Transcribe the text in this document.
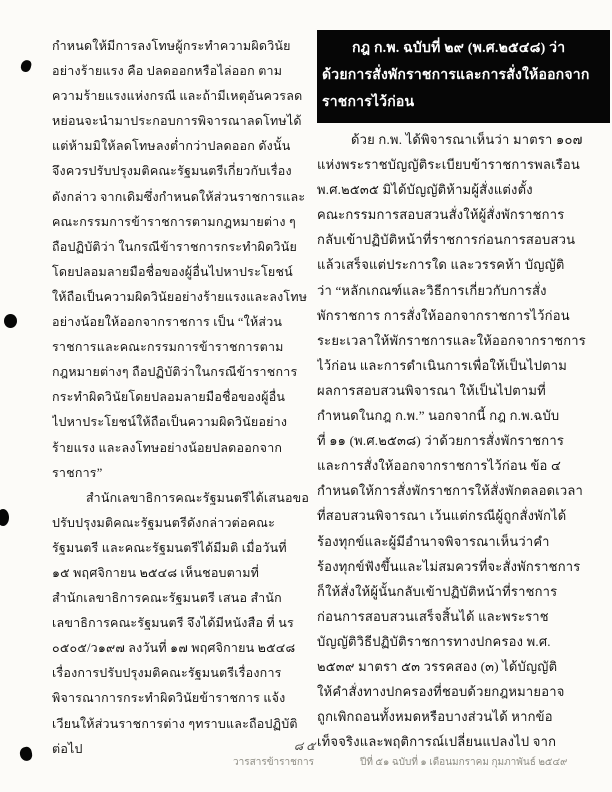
กำหนดให้มีการลงโทษผู้กระทำความผิดวินัย
อย่างร้ายแรง คือ ปลดออกหรือไล่ออก ตาม
ความร้ายแรงแห่งกรณี และถ้ามีเหตุอันควรลด
หย่อนจะนำมาประกอบการพิจารณาลดโทษได้
แต่ห้ามมิให้ลดโทษลงต่ำกว่าปลดออก ดังนั้น
จึงควรปรับปรุงมติคณะรัฐมนตรีเกี่ยวกับเรื่อง
ดังกล่าว จากเดิมซึ่งกำหนดให้ส่วนราชการและ
คณะกรรมการข้าราชการตามกฎหมายต่าง ๆ
ถือปฏิบัติว่า ในกรณีข้าราชการกระทำผิดวินัย
โดยปลอมลายมือชื่อของผู้อื่นไปหาประโยชน์
ให้ถือเป็นความผิดวินัยอย่างร้ายแรงและลงโทษ
อย่างน้อยให้ออกจากราชการ เป็น “ให้ส่วน
ราชการและคณะกรรมการข้าราชการตาม
กฎหมายต่างๆ ถือปฏิบัติว่าในกรณีข้าราชการ
กระทำผิดวินัยโดยปลอมลายมือชื่อของผู้อื่น
ไปหาประโยชน์ให้ถือเป็นความผิดวินัยอย่าง
ร้ายแรง และลงโทษอย่างน้อยปลดออกจาก
ราชการ”
สำนักเลขาธิการคณะรัฐมนตรีได้เสนอขอ
ปรับปรุงมติคณะรัฐมนตรีดังกล่าวต่อคณะ
รัฐมนตรี และคณะรัฐมนตรีได้มีมติ เมื่อวันที่
๑๕ พฤศจิกายน ๒๕๔๘ เห็นชอบตามที่
สำนักเลขาธิการคณะรัฐมนตรี เสนอ สำนัก
เลขาธิการคณะรัฐมนตรี จึงได้มีหนังสือ ที่ นร
๐๕๐๕/ว๑๙๗ ลงวันที่ ๑๗ พฤศจิกายน ๒๕๔๘
เรื่องการปรับปรุงมติคณะรัฐมนตรีเรื่องการ
พิจารณาการกระทำผิดวินัยข้าราชการ แจ้ง
เวียนให้ส่วนราชการต่าง ๆทราบและถือปฏิบัติ
ต่อไป
กฎ ก.พ. ฉบับที่ ๒๙ (พ.ศ.๒๕๔๘) ว่า
ด้วยการสั่งพักราชการและการสั่งให้ออกจาก
ราชการไว้ก่อน
ด้วย ก.พ. ได้พิจารณาเห็นว่า มาตรา ๑๐๗
แห่งพระราชบัญญัติระเบียบข้าราชการพลเรือน
พ.ศ.๒๕๓๕ มิได้บัญญัติห้ามผู้สั่งแต่งตั้ง
คณะกรรมการสอบสวนสั่งให้ผู้สั่งพักราชการ
กลับเข้าปฏิบัติหน้าที่ราชการก่อนการสอบสวน
แล้วเสร็จแต่ประการใด และวรรคห้า บัญญัติ
ว่า “หลักเกณฑ์และวิธีการเกี่ยวกับการสั่ง
พักราชการ การสั่งให้ออกจากราชการไว้ก่อน
ระยะเวลาให้พักราชการและให้ออกจากราชการ
ไว้ก่อน และการดำเนินการเพื่อให้เป็นไปตาม
ผลการสอบสวนพิจารณา ให้เป็นไปตามที่
กำหนดในกฎ ก.พ.” นอกจากนี้ กฎ ก.พ.ฉบับ
ที่ ๑๑ (พ.ศ.๒๕๓๘) ว่าด้วยการสั่งพักราชการ
และการสั่งให้ออกจากราชการไว้ก่อน ข้อ ๔
กำหนดให้การสั่งพักราชการให้สั่งพักตลอดเวลา
ที่สอบสวนพิจารณา เว้นแต่กรณีผู้ถูกสั่งพักได้
ร้องทุกข์และผู้มีอำนาจพิจารณาเห็นว่าคำ
ร้องทุกข์ฟังขึ้นและไม่สมควรที่จะสั่งพักราชการ
ก็ให้สั่งให้ผู้นั้นกลับเข้าปฏิบัติหน้าที่ราชการ
ก่อนการสอบสวนเสร็จสิ้นได้ และพระราช
บัญญัติวิธีปฏิบัติราชการทางปกครอง พ.ศ.
๒๕๓๙ มาตรา ๕๓ วรรคสอง (๓) ได้บัญญัติ
ให้คำสั่งทางปกครองที่ชอบด้วยกฎหมายอาจ
ถูกเพิกถอนทั้งหมดหรือบางส่วนได้ หากข้อ
เท็จจริงและพฤติการณ์เปลี่ยนแปลงไป จาก
๘๕
วารสารข้าราชการ	ปีที่ ๕๑ ฉบับที่ ๑ เดือนมกราคม กุมภาพันธ์ ๒๕๔๙
